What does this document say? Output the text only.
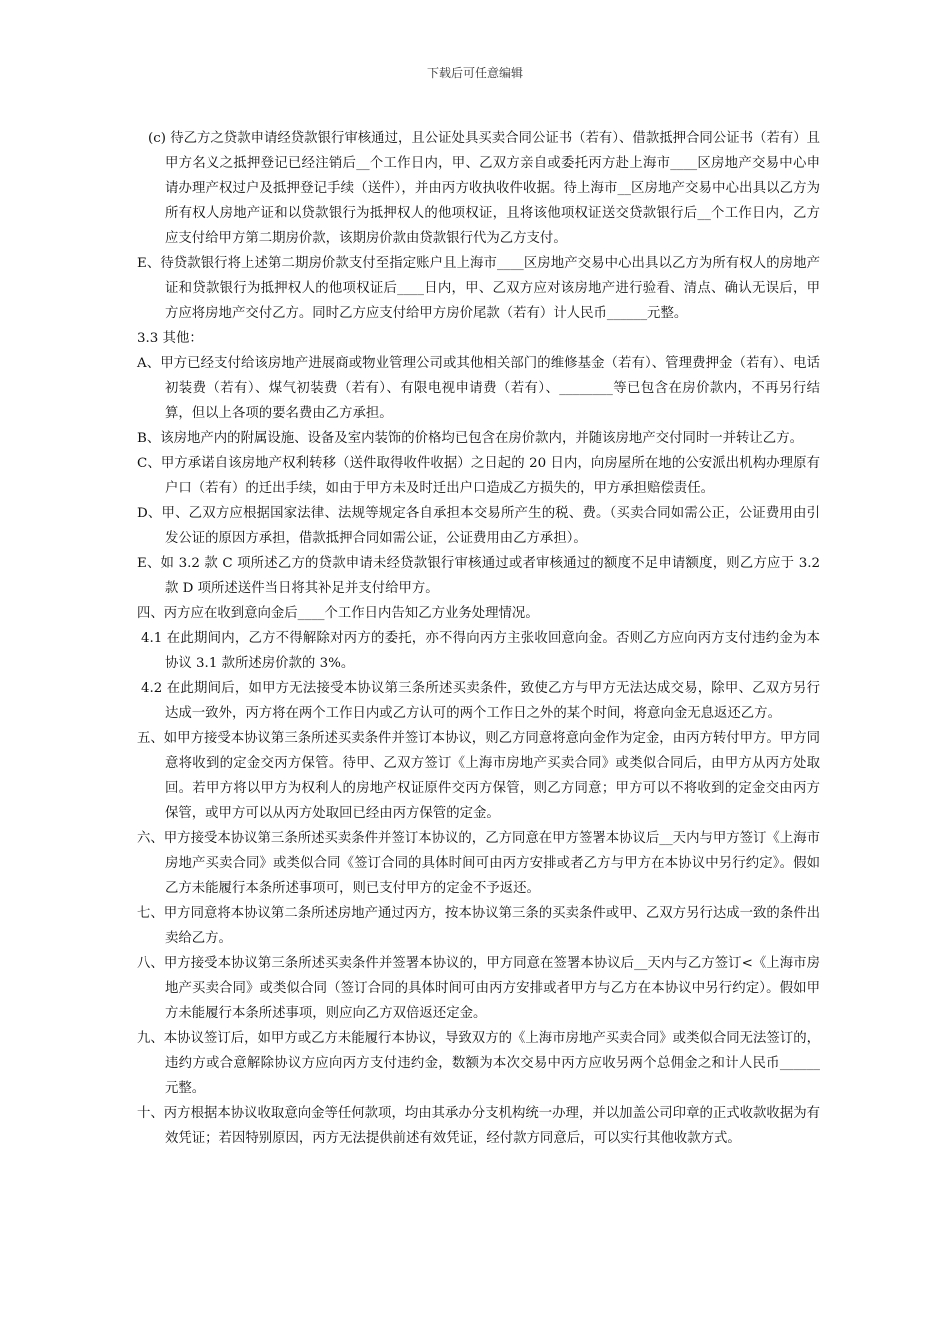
下载后可任意编辑

(c) 待乙方之贷款申请经贷款银行审核通过，且公证处具买卖合同公证书（若有）、借款抵押合同公证书（若有）且甲方名义之抵押登记已经注销后__个工作日内，甲、乙双方亲自或委托丙方赴上海市____区房地产交易中心申请办理产权过户及抵押登记手续（送件），并由丙方收执收件收据。待上海市__区房地产交易中心出具以乙方为所有权人房地产证和以贷款银行为抵押权人的他项权证，且将该他项权证送交贷款银行后__个工作日内，乙方应支付给甲方第二期房价款，该期房价款由贷款银行代为乙方支付。

E、待贷款银行将上述第二期房价款支付至指定账户且上海市____区房地产交易中心出具以乙方为所有权人的房地产证和贷款银行为抵押权人的他项权证后____日内，甲、乙双方应对该房地产进行验看、清点、确认无误后，甲方应将房地产交付乙方。同时乙方应支付给甲方房价尾款（若有）计人民币______元整。

3.3 其他：

A、甲方已经支付给该房地产进展商或物业管理公司或其他相关部门的维修基金（若有）、管理费押金（若有）、电话初装费（若有）、煤气初装费（若有）、有限电视申请费（若有）、________等已包含在房价款内，不再另行结算，但以上各项的要名费由乙方承担。

B、该房地产内的附属设施、设备及室内装饰的价格均已包含在房价款内，并随该房地产交付同时一并转让乙方。

C、甲方承诺自该房地产权利转移（送件取得收件收据）之日起的 20 日内，向房屋所在地的公安派出机构办理原有户口（若有）的迁出手续，如由于甲方未及时迁出户口造成乙方损失的，甲方承担赔偿责任。

D、甲、乙双方应根据国家法律、法规等规定各自承担本交易所产生的税、费。（买卖合同如需公正，公证费用由引发公证的原因方承担，借款抵押合同如需公证，公证费用由乙方承担）。

E、如 3.2 款 C 项所述乙方的贷款申请未经贷款银行审核通过或者审核通过的额度不足申请额度，则乙方应于 3.2 款 D 项所述送件当日将其补足并支付给甲方。

四、丙方应在收到意向金后____个工作日内告知乙方业务处理情况。

4.1 在此期间内，乙方不得解除对丙方的委托，亦不得向丙方主张收回意向金。否则乙方应向丙方支付违约金为本协议 3.1 款所述房价款的 3%。

4.2 在此期间后，如甲方无法接受本协议第三条所述买卖条件，致使乙方与甲方无法达成交易，除甲、乙双方另行达成一致外，丙方将在两个工作日内或乙方认可的两个工作日之外的某个时间，将意向金无息返还乙方。

五、如甲方接受本协议第三条所述买卖条件并签订本协议，则乙方同意将意向金作为定金，由丙方转付甲方。甲方同意将收到的定金交丙方保管。待甲、乙双方签订《上海市房地产买卖合同》或类似合同后，由甲方从丙方处取回。若甲方将以甲方为权利人的房地产权证原件交丙方保管，则乙方同意；甲方可以不将收到的定金交由丙方保管，或甲方可以从丙方处取回已经由丙方保管的定金。

六、甲方接受本协议第三条所述买卖条件并签订本协议的，乙方同意在甲方签署本协议后__天内与甲方签订《上海市房地产买卖合同》或类似合同《签订合同的具体时间可由丙方安排或者乙方与甲方在本协议中另行约定》。假如乙方未能履行本条所述事项可，则已支付甲方的定金不予返还。

七、甲方同意将本协议第二条所述房地产通过丙方，按本协议第三条的买卖条件或甲、乙双方另行达成一致的条件出卖给乙方。

八、甲方接受本协议第三条所述买卖条件并签署本协议的，甲方同意在签署本协议后__天内与乙方签订<《上海市房地产买卖合同》或类似合同（签订合同的具体时间可由丙方安排或者甲方与乙方在本协议中另行约定）。假如甲方未能履行本条所述事项，则应向乙方双倍返还定金。

九、本协议签订后，如甲方或乙方未能履行本协议，导致双方的《上海市房地产买卖合同》或类似合同无法签订的，违约方或合意解除协议方应向丙方支付违约金，数额为本次交易中丙方应收另两个总佣金之和计人民币______元整。

十、丙方根据本协议收取意向金等任何款项，均由其承办分支机构统一办理，并以加盖公司印章的正式收款收据为有效凭证；若因特别原因，丙方无法提供前述有效凭证，经付款方同意后，可以实行其他收款方式。
